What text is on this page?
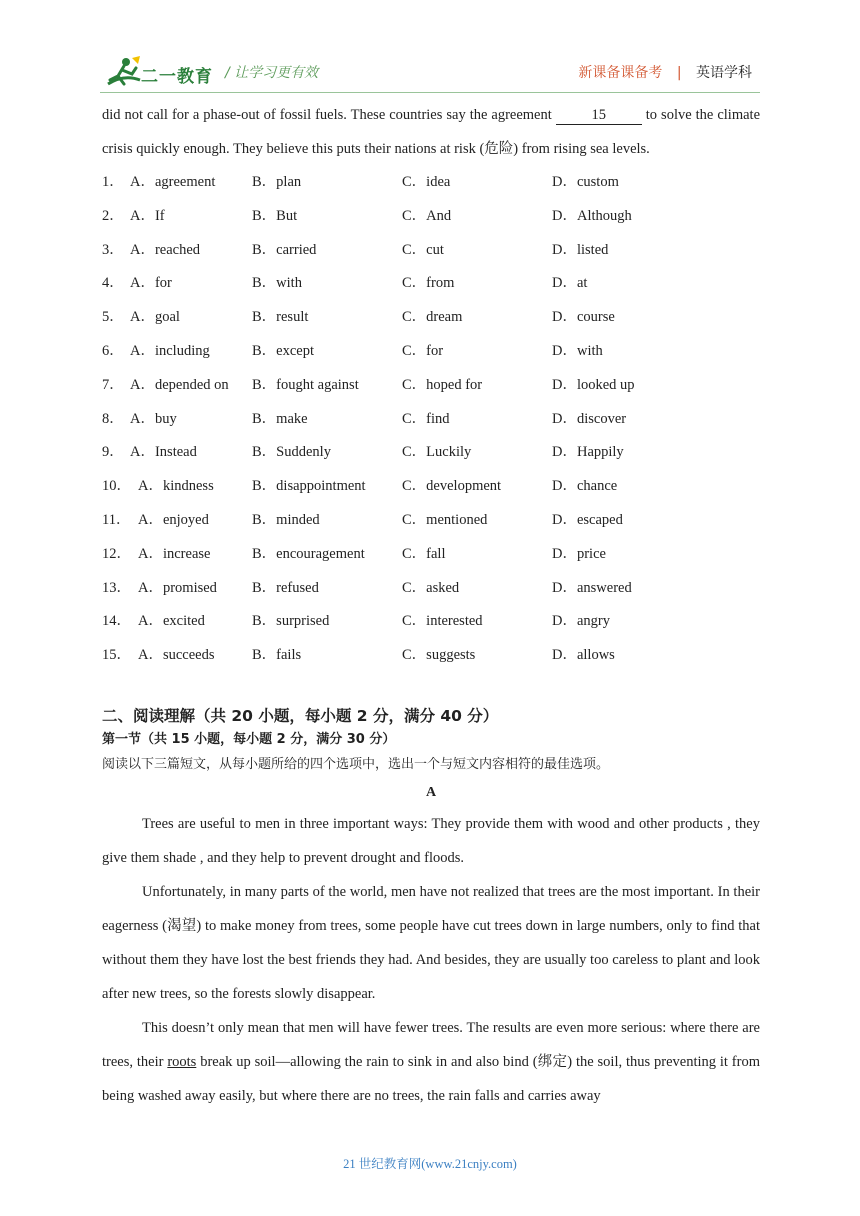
二一教育 / 让学习更有效	新课备课备考 | 英语学科
did not call for a phase-out of fossil fuels. These countries say the agreement	15	to solve the climate crisis quickly enough. They believe this puts their nations at risk (危险) from rising sea levels.
1． A．agreement	B．plan	C．idea	D．custom
2． A．If	B．But	C．And	D．Although
3． A．reached	B．carried	C．cut	D．listed
4． A．for	B．with	C．from	D．at
5． A．goal	B．result	C．dream	D．course
6． A．including	B．except	C．for	D．with
7． A．depended on B．fought against	C．hoped for	D．looked up
8． A．buy	B．make	C．find	D．discover
9． A．Instead	B．Suddenly	C．Luckily	D．Happily
10． A．kindness	B．disappointment	C．development	D．chance
11． A．enjoyed	B．minded	C．mentioned	D．escaped
12． A．increase	B．encouragement	C．fall	D．price
13． A．promised B．refused	C．asked	D．answered
14． A．excited	B．surprised	C．interested	D．angry
15． A．succeeds	B．fails	C．suggests	D．allows
二、阅读理解（共 20 小题，每小题 2 分，满分 40 分）
第一节（共 15 小题，每小题 2 分，满分 30 分）
阅读以下三篇短文，从每小题所给的四个选项中，选出一个与短文内容相符的最佳选项。
A
Trees are useful to men in three important ways: They provide them with wood and other products , they give them shade , and they help to prevent drought and floods.
Unfortunately, in many parts of the world, men have not realized that trees are the most important. In their eagerness (渴望) to make money from trees, some people have cut trees down in large numbers, only to find that without them they have lost the best friends they had. And besides, they are usually too careless to plant and look after new trees, so the forests slowly disappear.
This doesn’t only mean that men will have fewer trees. The results are even more serious: where there are trees, their roots break up soil—allowing the rain to sink in and also bind (绑定) the soil, thus preventing it from being washed away easily, but where there are no trees, the rain falls and carries away
21 世纪教育网(www.21cnjy.com)
